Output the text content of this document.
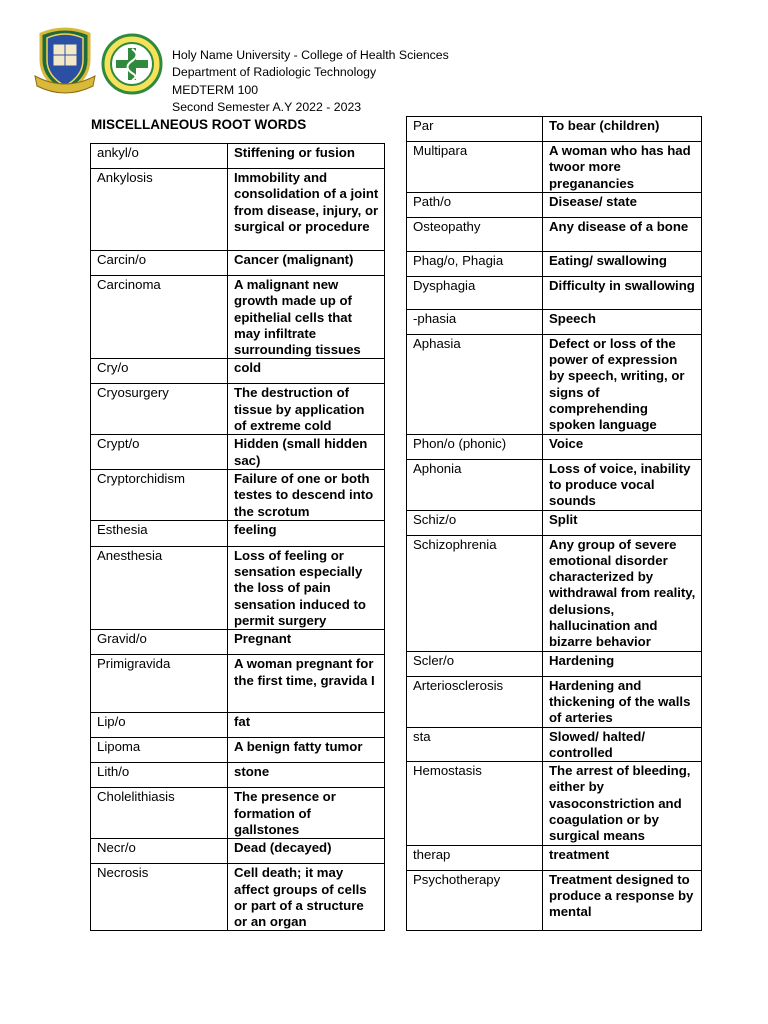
Holy Name University - College of Health Sciences
Department of Radiologic Technology
MEDTERM 100
Second Semester A.Y 2022 - 2023
MISCELLANEOUS ROOT WORDS
ankyl/o	Stiffening or fusion
Ankylosis	Immobility and consolidation of a joint from disease, injury, or surgical or procedure
Carcin/o	Cancer (malignant)
Carcinoma	A malignant new growth made up of epithelial cells that may infiltrate surrounding tissues
Cry/o	cold
Cryosurgery	The destruction of tissue by application of extreme cold
Crypt/o	Hidden (small hidden sac)
Cryptorchidism	Failure of one or both testes to descend into the scrotum
Esthesia	feeling
Anesthesia	Loss of feeling or sensation especially the loss of pain sensation induced to permit surgery
Gravid/o	Pregnant
Primigravida	A woman pregnant for the first time, gravida I
Lip/o	fat
Lipoma	A benign fatty tumor
Lith/o	stone
Cholelithiasis	The presence or formation of gallstones
Necr/o	Dead (decayed)
Necrosis	Cell death; it may affect groups of cells or part of a structure or an organ
Par	To bear (children)
Multipara	A woman who has had twoor more preganancies
Path/o	Disease/ state
Osteopathy	Any disease of a bone
Phag/o, Phagia	Eating/ swallowing
Dysphagia	Difficulty in swallowing
-phasia	Speech
Aphasia	Defect or loss of the power of expression by speech, writing, or signs of comprehending spoken language
Phon/o (phonic)	Voice
Aphonia	Loss of voice, inability to produce vocal sounds
Schiz/o	Split
Schizophrenia	Any group of severe emotional disorder characterized by withdrawal from reality, delusions, hallucination and bizarre behavior
Scler/o	Hardening
Arteriosclerosis	Hardening and thickening of the walls of arteries
sta	Slowed/ halted/ controlled
Hemostasis	The arrest of bleeding, either by vasoconstriction and coagulation or by surgical means
therap	treatment
Psychotherapy	Treatment designed to produce a response by mental
